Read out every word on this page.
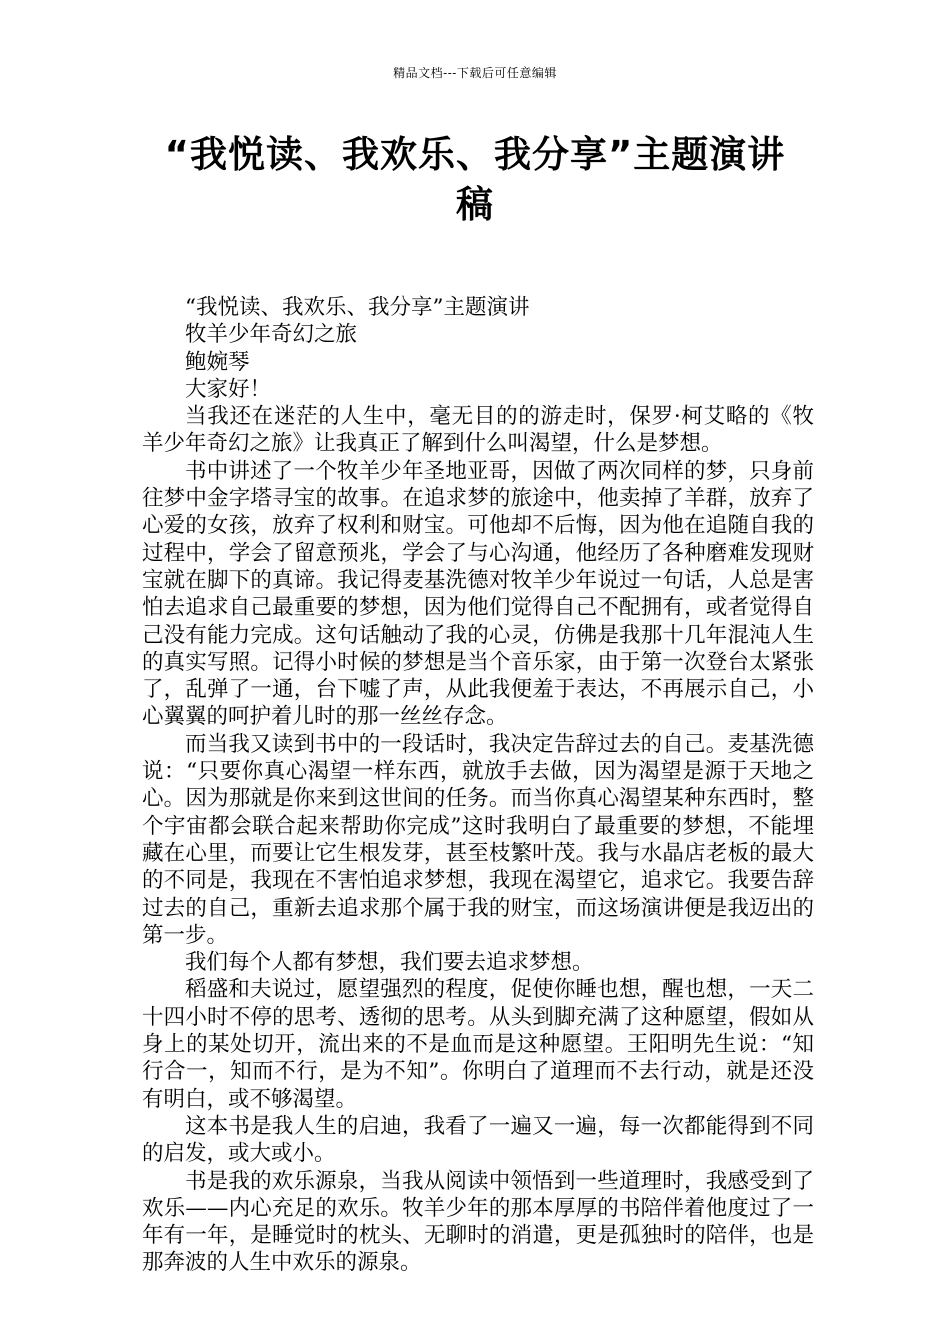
精品文档---下载后可任意编辑
“我悦读、我欢乐、我分享”主题演讲稿

“我悦读、我欢乐、我分享”主题演讲

牧羊少年奇幻之旅

鲍婉琴

大家好！

当我还在迷茫的人生中，毫无目的的游走时，保罗·柯艾略的《牧羊少年奇幻之旅》让我真正了解到什么叫渴望，什么是梦想。

书中讲述了一个牧羊少年圣地亚哥，因做了两次同样的梦，只身前往梦中金字塔寻宝的故事。在追求梦的旅途中，他卖掉了羊群，放弃了心爱的女孩，放弃了权利和财宝。可他却不后悔，因为他在追随自我的过程中，学会了留意预兆，学会了与心沟通，他经历了各种磨难发现财宝就在脚下的真谛。我记得麦基洗德对牧羊少年说过一句话，人总是害怕去追求自己最重要的梦想，因为他们觉得自己不配拥有，或者觉得自己没有能力完成。这句话触动了我的心灵，仿佛是我那十几年混沌人生的真实写照。记得小时候的梦想是当个音乐家，由于第一次登台太紧张了，乱弹了一通，台下嘘了声，从此我便羞于表达，不再展示自己，小心翼翼的呵护着儿时的那一丝丝存念。

而当我又读到书中的一段话时，我决定告辞过去的自己。麦基洗德说：“只要你真心渴望一样东西，就放手去做，因为渴望是源于天地之心。因为那就是你来到这世间的任务。而当你真心渴望某种东西时，整个宇宙都会联合起来帮助你完成”这时我明白了最重要的梦想，不能埋藏在心里，而要让它生根发芽，甚至枝繁叶茂。我与水晶店老板的最大的不同是，我现在不害怕追求梦想，我现在渴望它，追求它。我要告辞过去的自己，重新去追求那个属于我的财宝，而这场演讲便是我迈出的第一步。

我们每个人都有梦想，我们要去追求梦想。

稻盛和夫说过，愿望强烈的程度，促使你睡也想，醒也想，一天二十四小时不停的思考、透彻的思考。从头到脚充满了这种愿望，假如从身上的某处切开，流出来的不是血而是这种愿望。王阳明先生说：“知行合一，知而不行，是为不知”。你明白了道理而不去行动，就是还没有明白，或不够渴望。

这本书是我人生的启迪，我看了一遍又一遍，每一次都能得到不同的启发，或大或小。

书是我的欢乐源泉，当我从阅读中领悟到一些道理时，我感受到了欢乐——内心充足的欢乐。牧羊少年的那本厚厚的书陪伴着他度过了一年有一年，是睡觉时的枕头、无聊时的消遣，更是孤独时的陪伴，也是那奔波的人生中欢乐的源泉。
